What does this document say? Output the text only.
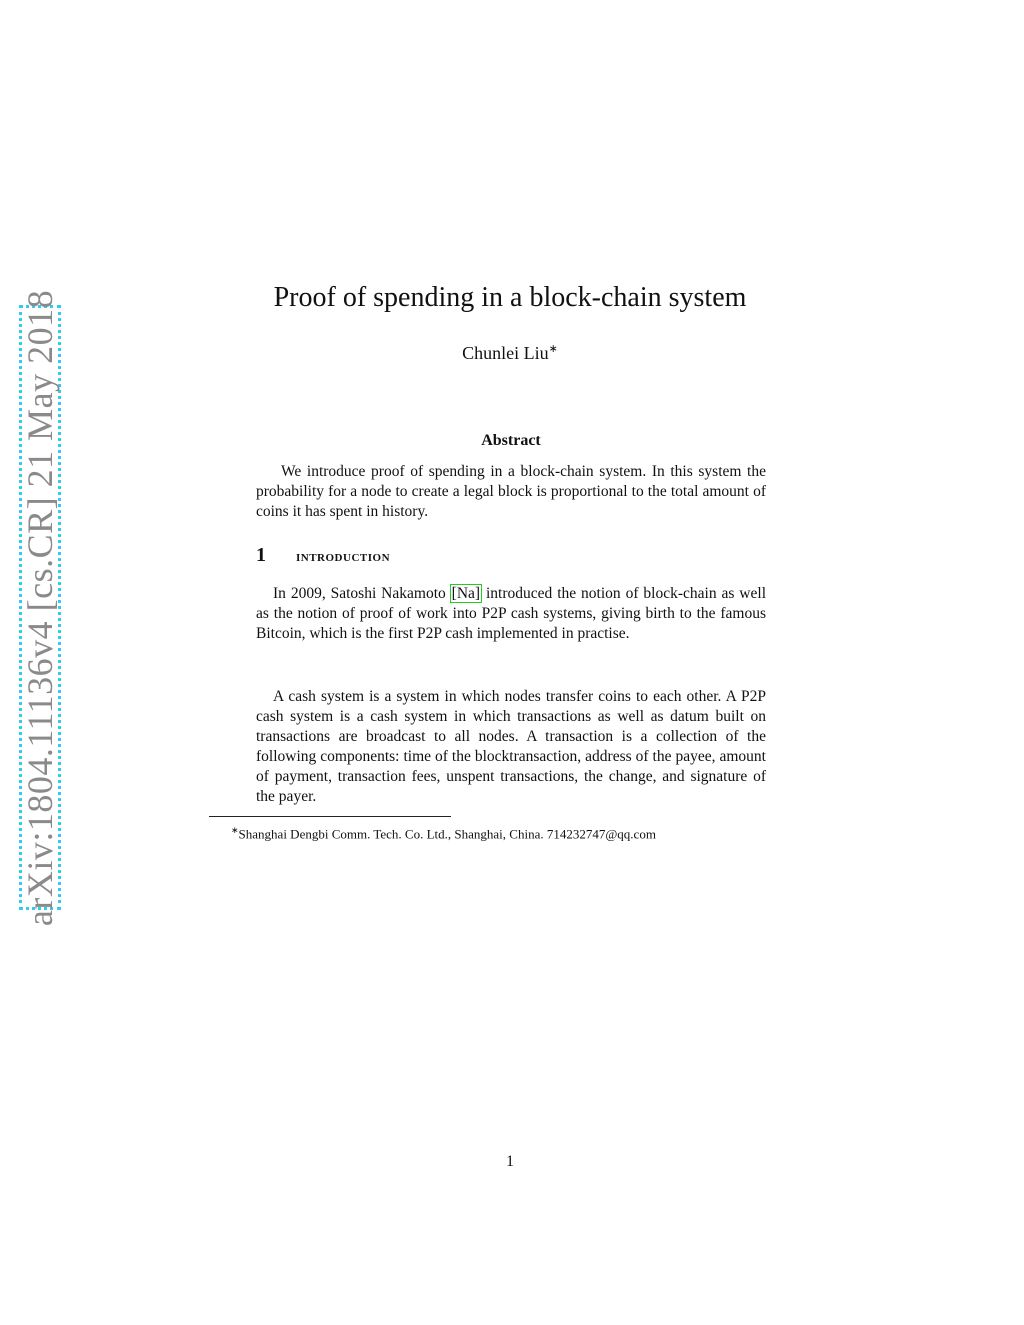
arXiv:1804.11136v4 [cs.CR] 21 May 2018	Proof of spending in a block-chain system
Chunlei Liu∗
Abstract
We introduce proof of spending in a block-chain system. In this system the probability for a node to create a legal block is proportional to the total amount of coins it has spent in history.
1 introduction
In 2009, Satoshi Nakamoto [Na] introduced the notion of block-chain as well as the notion of proof of work into P2P cash systems, giving birth to the famous Bitcoin, which is the first P2P cash implemented in practise.
A cash system is a system in which nodes transfer coins to each other. A P2P cash system is a cash system in which transactions as well as datum built on transactions are broadcast to all nodes. A transaction is a collection of the following components: time of the blocktransaction, address of the payee, amount of payment, transaction fees, unspent transactions, the change, and signature of the payer.
∗Shanghai Dengbi Comm. Tech. Co. Ltd., Shanghai, China. 714232747@qq.com
1
